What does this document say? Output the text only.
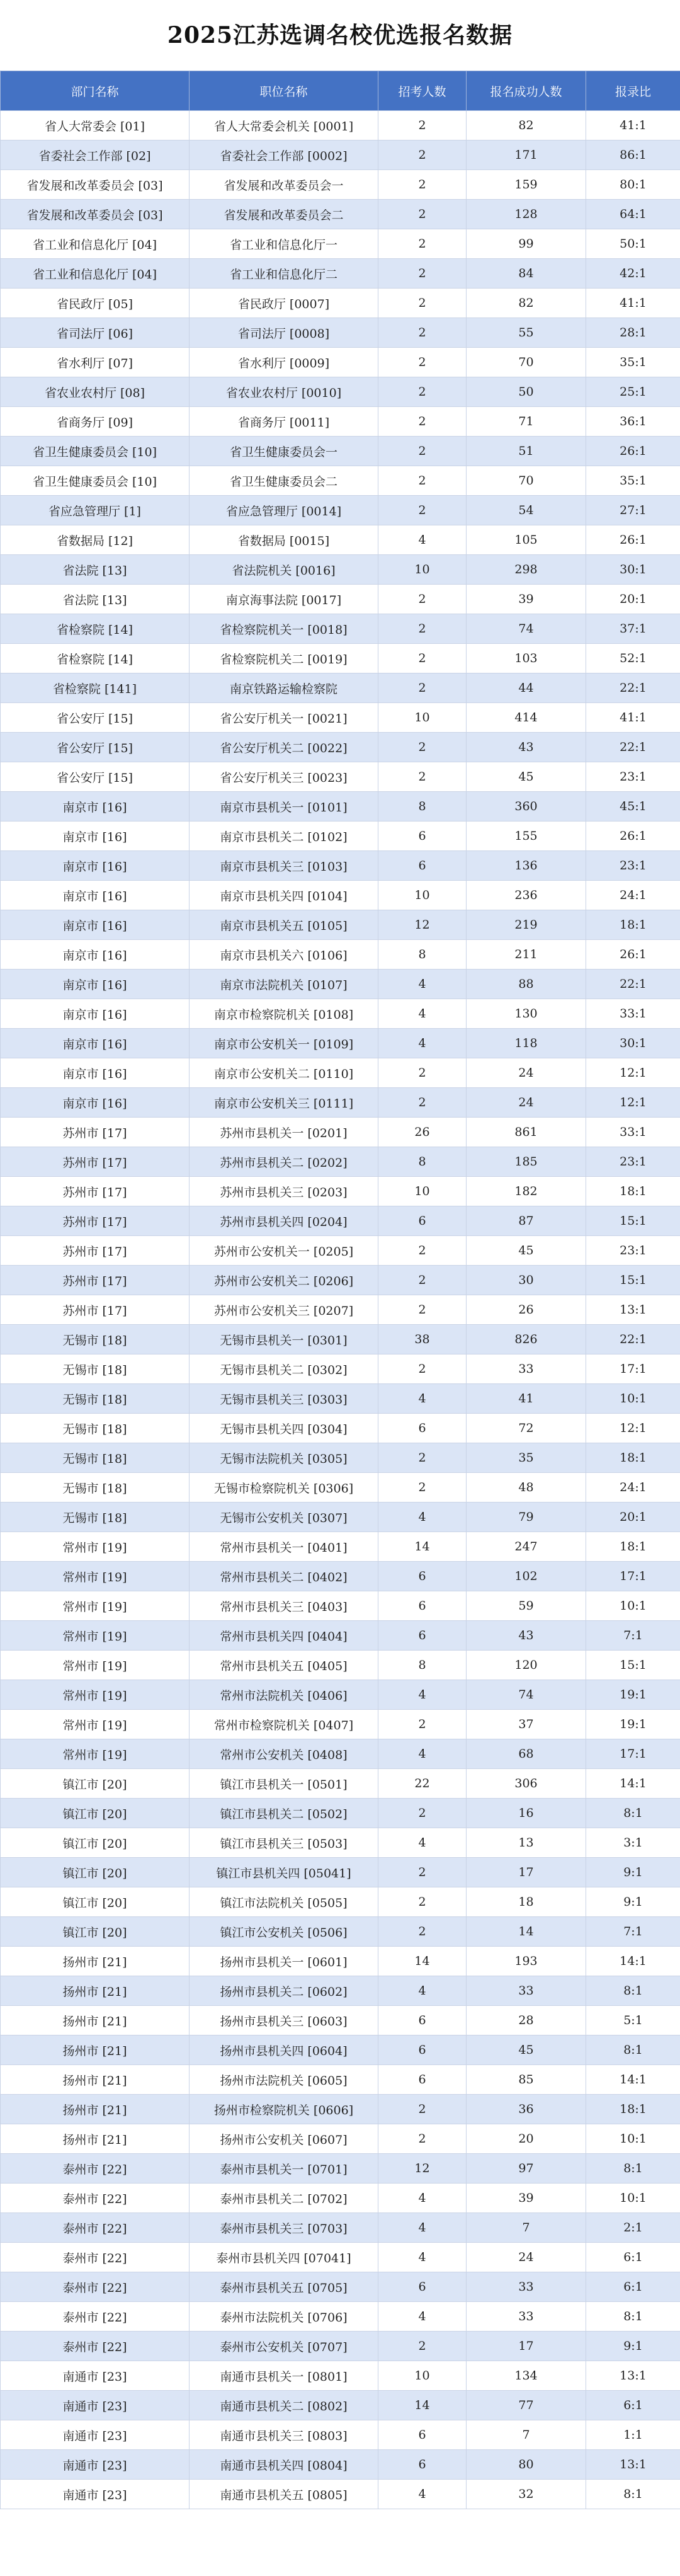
2025江苏选调名校优选报名数据
部门名称	职位名称	招考人数	报名成功人数	报录比
省人大常委会 [01]	省人大常委会机关 [0001]	2	82	41:1
省委社会工作部 [02]	省委社会工作部 [0002]	2	171	86:1
省发展和改革委员会 [03]	省发展和改革委员会一	2	159	80:1
省发展和改革委员会 [03]	省发展和改革委员会二	2	128	64:1
省工业和信息化厅 [04]	省工业和信息化厅一	2	99	50:1
省工业和信息化厅 [04]	省工业和信息化厅二	2	84	42:1
省民政厅 [05]	省民政厅 [0007]	2	82	41:1
省司法厅 [06]	省司法厅 [0008]	2	55	28:1
省水利厅 [07]	省水利厅 [0009]	2	70	35:1
省农业农村厅 [08]	省农业农村厅 [0010]	2	50	25:1
省商务厅 [09]	省商务厅 [0011]	2	71	36:1
省卫生健康委员会 [10]	省卫生健康委员会一	2	51	26:1
省卫生健康委员会 [10]	省卫生健康委员会二	2	70	35:1
省应急管理厅 [1]	省应急管理厅 [0014]	2	54	27:1
省数据局 [12]	省数据局 [0015]	4	105	26:1
省法院 [13]	省法院机关 [0016]	10	298	30:1
省法院 [13]	南京海事法院 [0017]	2	39	20:1
省检察院 [14]	省检察院机关一 [0018]	2	74	37:1
省检察院 [14]	省检察院机关二 [0019]	2	103	52:1
省检察院 [141]	南京铁路运输检察院	2	44	22:1
省公安厅 [15]	省公安厅机关一 [0021]	10	414	41:1
省公安厅 [15]	省公安厅机关二 [0022]	2	43	22:1
省公安厅 [15]	省公安厅机关三 [0023]	2	45	23:1
南京市 [16]	南京市县机关一 [0101]	8	360	45:1
南京市 [16]	南京市县机关二 [0102]	6	155	26:1
南京市 [16]	南京市县机关三 [0103]	6	136	23:1
南京市 [16]	南京市县机关四 [0104]	10	236	24:1
南京市 [16]	南京市县机关五 [0105]	12	219	18:1
南京市 [16]	南京市县机关六 [0106]	8	211	26:1
南京市 [16]	南京市法院机关 [0107]	4	88	22:1
南京市 [16]	南京市检察院机关 [0108]	4	130	33:1
南京市 [16]	南京市公安机关一 [0109]	4	118	30:1
南京市 [16]	南京市公安机关二 [0110]	2	24	12:1
南京市 [16]	南京市公安机关三 [0111]	2	24	12:1
苏州市 [17]	苏州市县机关一 [0201]	26	861	33:1
苏州市 [17]	苏州市县机关二 [0202]	8	185	23:1
苏州市 [17]	苏州市县机关三 [0203]	10	182	18:1
苏州市 [17]	苏州市县机关四 [0204]	6	87	15:1
苏州市 [17]	苏州市公安机关一 [0205]	2	45	23:1
苏州市 [17]	苏州市公安机关二 [0206]	2	30	15:1
苏州市 [17]	苏州市公安机关三 [0207]	2	26	13:1
无锡市 [18]	无锡市县机关一 [0301]	38	826	22:1
无锡市 [18]	无锡市县机关二 [0302]	2	33	17:1
无锡市 [18]	无锡市县机关三 [0303]	4	41	10:1
无锡市 [18]	无锡市县机关四 [0304]	6	72	12:1
无锡市 [18]	无锡市法院机关 [0305]	2	35	18:1
无锡市 [18]	无锡市检察院机关 [0306]	2	48	24:1
无锡市 [18]	无锡市公安机关 [0307]	4	79	20:1
常州市 [19]	常州市县机关一 [0401]	14	247	18:1
常州市 [19]	常州市县机关二 [0402]	6	102	17:1
常州市 [19]	常州市县机关三 [0403]	6	59	10:1
常州市 [19]	常州市县机关四 [0404]	6	43	7:1
常州市 [19]	常州市县机关五 [0405]	8	120	15:1
常州市 [19]	常州市法院机关 [0406]	4	74	19:1
常州市 [19]	常州市检察院机关 [0407]	2	37	19:1
常州市 [19]	常州市公安机关 [0408]	4	68	17:1
镇江市 [20]	镇江市县机关一 [0501]	22	306	14:1
镇江市 [20]	镇江市县机关二 [0502]	2	16	8:1
镇江市 [20]	镇江市县机关三 [0503]	4	13	3:1
镇江市 [20]	镇江市县机关四 [05041]	2	17	9:1
镇江市 [20]	镇江市法院机关 [0505]	2	18	9:1
镇江市 [20]	镇江市公安机关 [0506]	2	14	7:1
扬州市 [21]	扬州市县机关一 [0601]	14	193	14:1
扬州市 [21]	扬州市县机关二 [0602]	4	33	8:1
扬州市 [21]	扬州市县机关三 [0603]	6	28	5:1
扬州市 [21]	扬州市县机关四 [0604]	6	45	8:1
扬州市 [21]	扬州市法院机关 [0605]	6	85	14:1
扬州市 [21]	扬州市检察院机关 [0606]	2	36	18:1
扬州市 [21]	扬州市公安机关 [0607]	2	20	10:1
泰州市 [22]	泰州市县机关一 [0701]	12	97	8:1
泰州市 [22]	泰州市县机关二 [0702]	4	39	10:1
泰州市 [22]	泰州市县机关三 [0703]	4	7	2:1
泰州市 [22]	泰州市县机关四 [07041]	4	24	6:1
泰州市 [22]	泰州市县机关五 [0705]	6	33	6:1
泰州市 [22]	泰州市法院机关 [0706]	4	33	8:1
泰州市 [22]	泰州市公安机关 [0707]	2	17	9:1
南通市 [23]	南通市县机关一 [0801]	10	134	13:1
南通市 [23]	南通市县机关二 [0802]	14	77	6:1
南通市 [23]	南通市县机关三 [0803]	6	7	1:1
南通市 [23]	南通市县机关四 [0804]	6	80	13:1
南通市 [23]	南通市县机关五 [0805]	4	32	8:1
